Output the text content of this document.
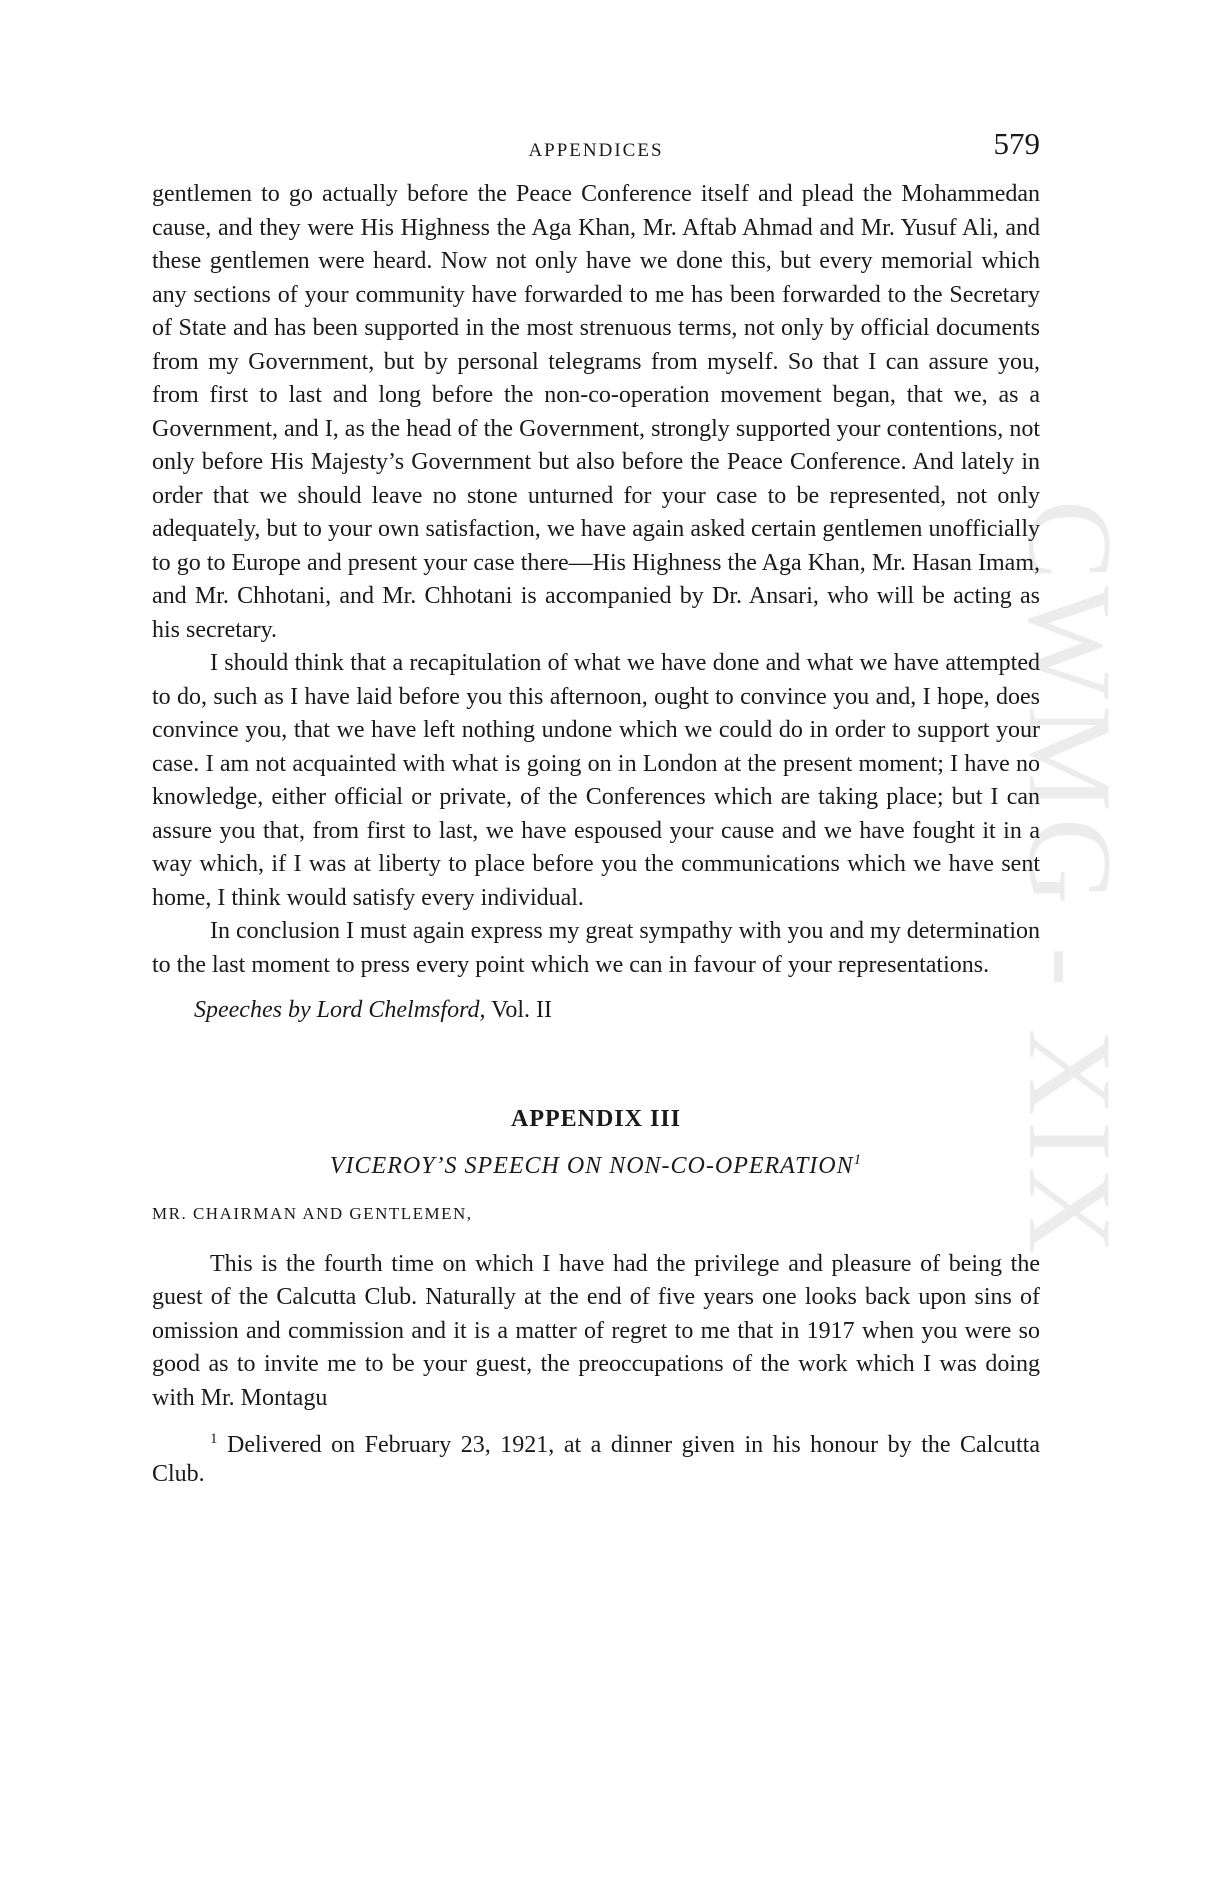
CWMG - XIX
APPENDICES	579

gentlemen to go actually before the Peace Conference itself and plead the Mohammedan cause, and they were His Highness the Aga Khan, Mr. Aftab Ahmad and Mr. Yusuf Ali, and these gentlemen were heard. Now not only have we done this, but every memorial which any sections of your community have forwarded to me has been forwarded to the Secretary of State and has been supported in the most strenuous terms, not only by official documents from my Government, but by personal telegrams from myself. So that I can assure you, from first to last and long before the non-co-operation movement began, that we, as a Government, and I, as the head of the Government, strongly supported your contentions, not only before His Majesty’s Government but also before the Peace Conference. And lately in order that we should leave no stone unturned for your case to be represented, not only adequately, but to your own satisfaction, we have again asked certain gentlemen unofficially to go to Europe and present your case there—His Highness the Aga Khan, Mr. Hasan Imam, and Mr. Chhotani, and Mr. Chhotani is accompanied by Dr. Ansari, who will be acting as his secretary.

I should think that a recapitulation of what we have done and what we have attempted to do, such as I have laid before you this afternoon, ought to convince you and, I hope, does convince you, that we have left nothing undone which we could do in order to support your case. I am not acquainted with what is going on in London at the present moment; I have no knowledge, either official or private, of the Conferences which are taking place; but I can assure you that, from first to last, we have espoused your cause and we have fought it in a way which, if I was at liberty to place before you the communications which we have sent home, I think would satisfy every individual.

In conclusion I must again express my great sympathy with you and my determination to the last moment to press every point which we can in favour of your representations.

Speeches by Lord Chelmsford, Vol. II
APPENDIX III
VICEROY’S SPEECH ON NON-CO-OPERATION$^1$
MR. CHAIRMAN AND GENTLEMEN,

This is the fourth time on which I have had the privilege and pleasure of being the guest of the Calcutta Club. Naturally at the end of five years one looks back upon sins of omission and commission and it is a matter of regret to me that in 1917 when you were so good as to invite me to be your guest, the preoccupations of the work which I was doing with Mr. Montagu

$^1$ Delivered on February 23, 1921, at a dinner given in his honour by the Calcutta Club.
